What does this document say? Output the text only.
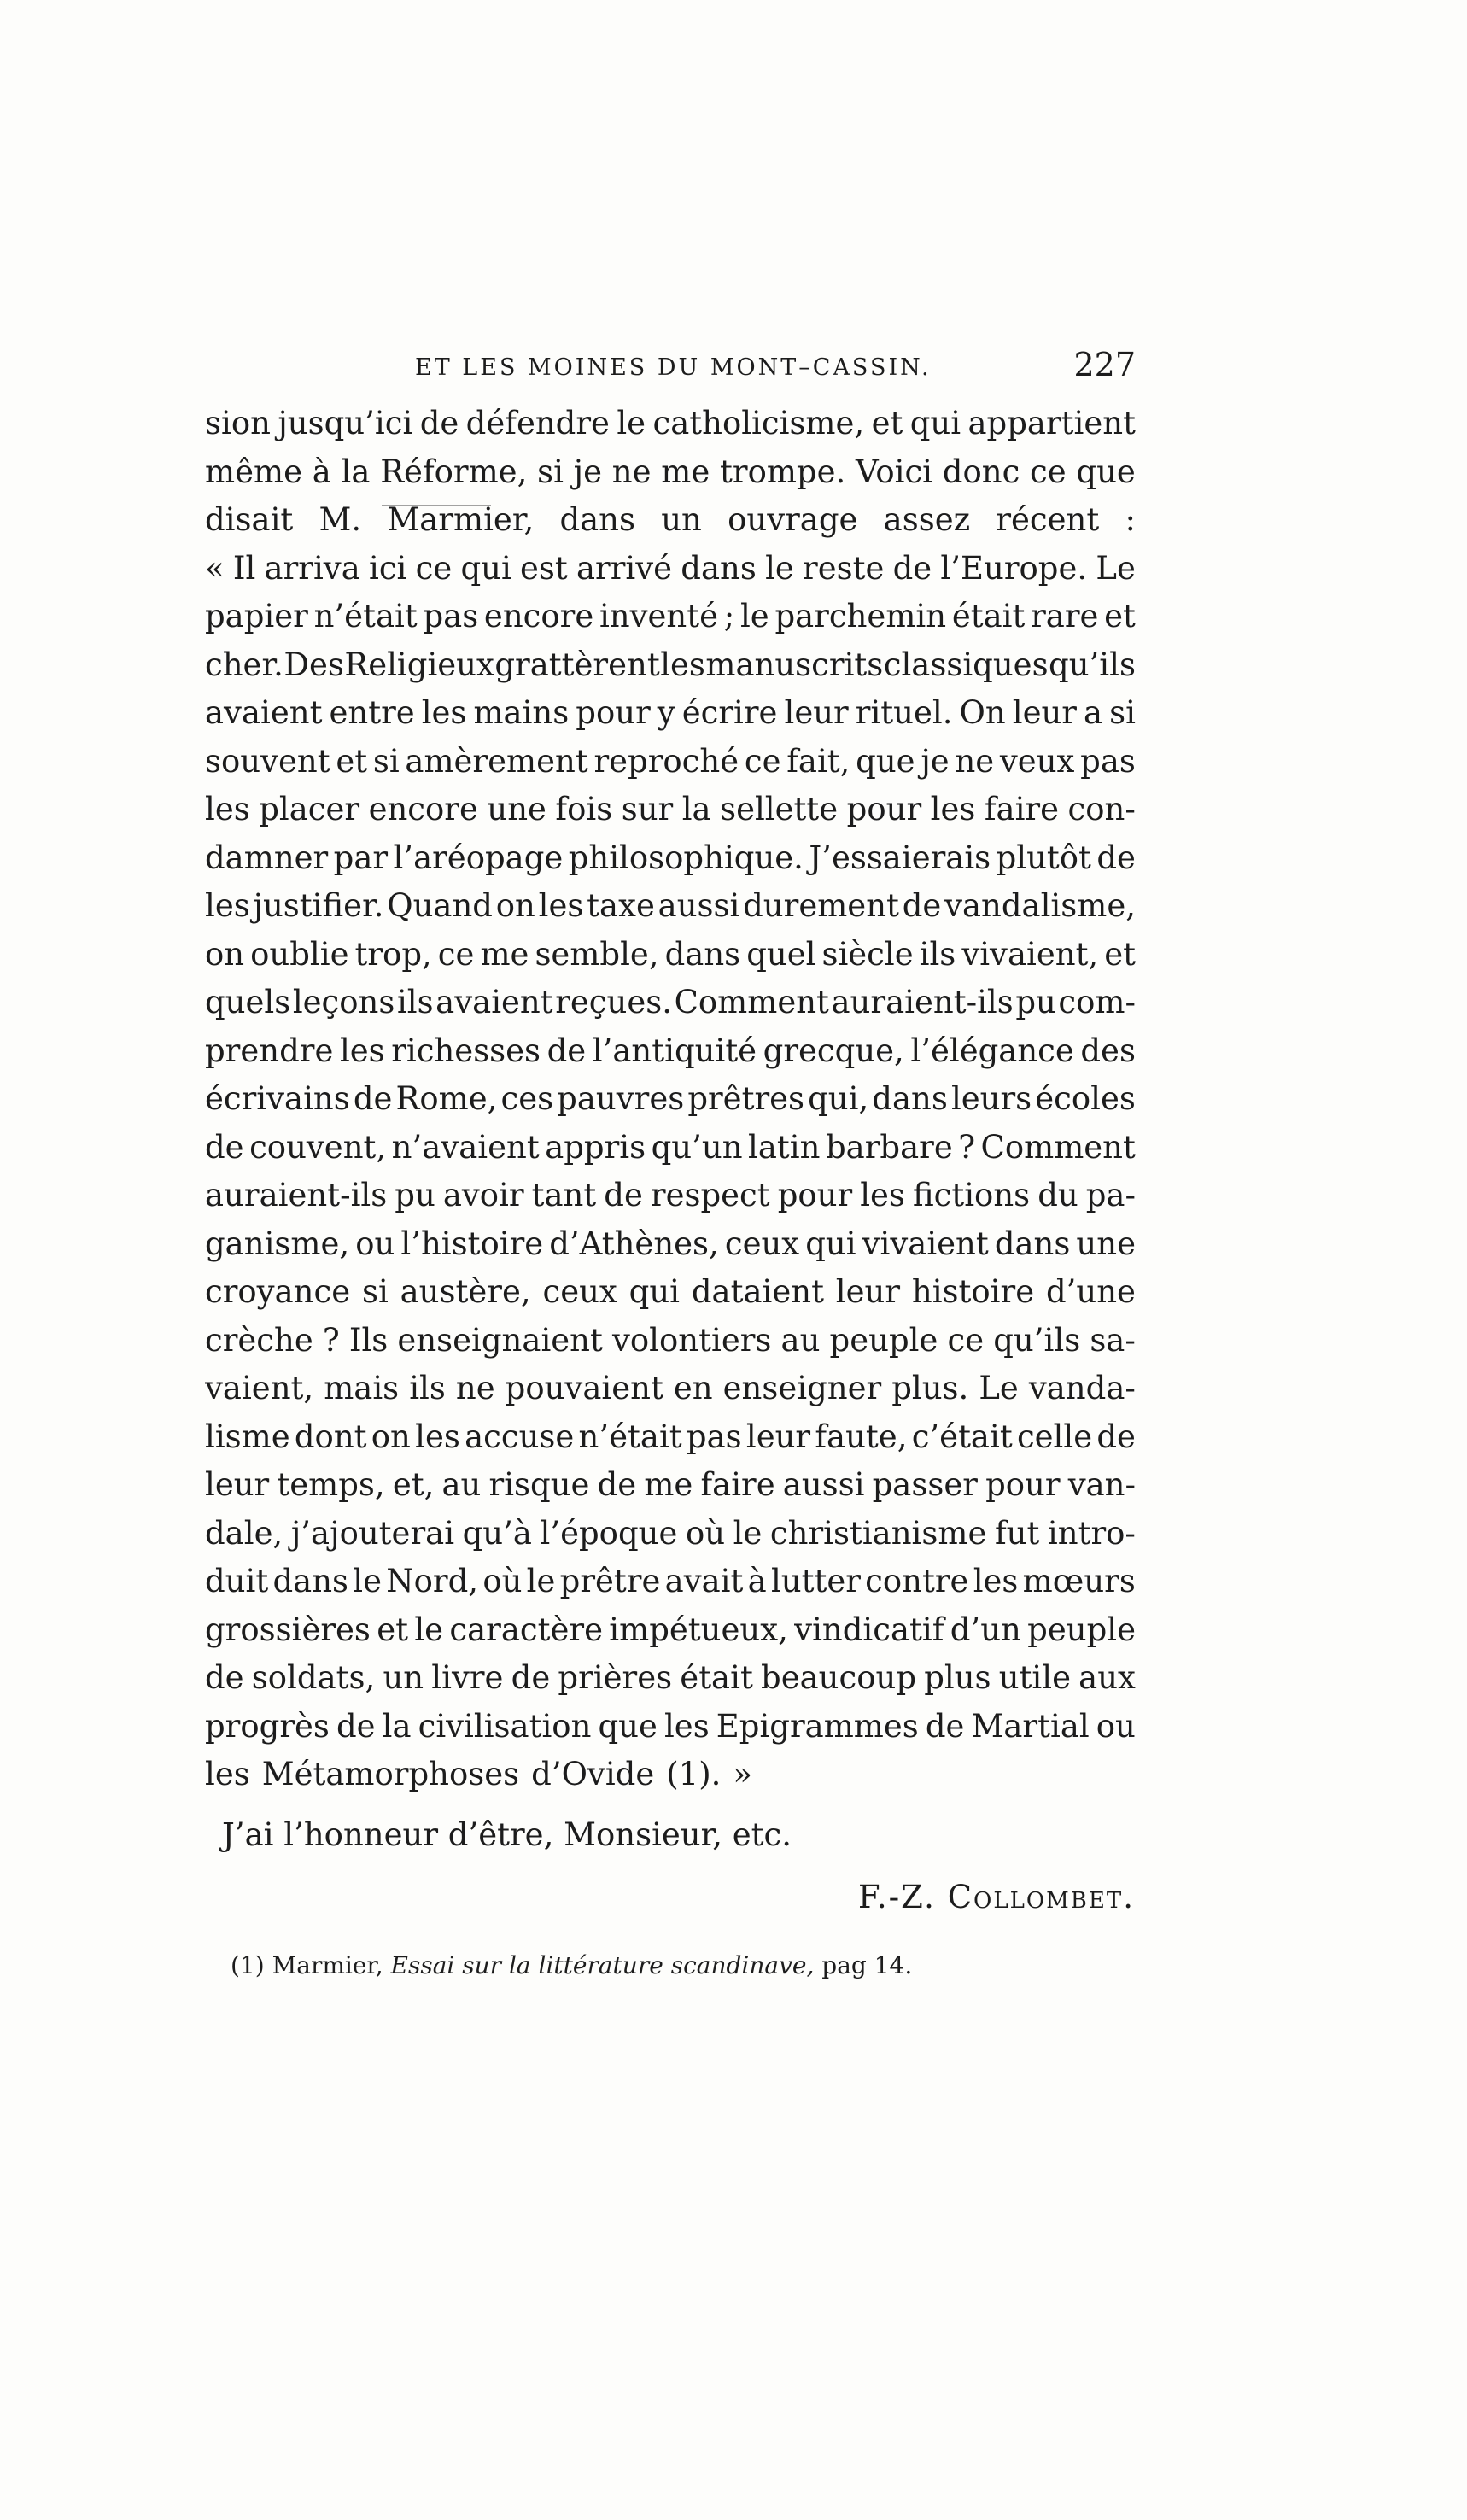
ET LES MOINES DU MONT–CASSIN.	227
sion jusqu’ici de défendre le catholicisme, et qui appartient
même à la Réforme, si je ne me trompe. Voici donc ce que
disait M. Marmier, dans un ouvrage assez récent :
« Il arriva ici ce qui est arrivé dans le reste de l’Europe. Le
papier n’était pas encore inventé ; le parchemin était rare et
cher. Des Religieux grattèrent les manuscrits classiques qu’ils
avaient entre les mains pour y écrire leur rituel. On leur a si
souvent et si amèrement reproché ce fait, que je ne veux pas
les placer encore une fois sur la sellette pour les faire con-
damner par l’aréopage philosophique. J’essaierais plutôt de
les justifier. Quand on les taxe aussi durement de vandalisme,
on oublie trop, ce me semble, dans quel siècle ils vivaient, et
quels leçons ils avaient reçues. Comment auraient-ils pu com-
prendre les richesses de l’antiquité grecque, l’élégance des
écrivains de Rome, ces pauvres prêtres qui, dans leurs écoles
de couvent, n’avaient appris qu’un latin barbare ? Comment
auraient-ils pu avoir tant de respect pour les fictions du pa-
ganisme, ou l’histoire d’Athènes, ceux qui vivaient dans une
croyance si austère, ceux qui dataient leur histoire d’une
crèche ? Ils enseignaient volontiers au peuple ce qu’ils sa-
vaient, mais ils ne pouvaient en enseigner plus. Le vanda-
lisme dont on les accuse n’était pas leur faute, c’était celle de
leur temps, et, au risque de me faire aussi passer pour van-
dale, j’ajouterai qu’à l’époque où le christianisme fut intro-
duit dans le Nord, où le prêtre avait à lutter contre les mœurs
grossières et le caractère impétueux, vindicatif d’un peuple
de soldats, un livre de prières était beaucoup plus utile aux
progrès de la civilisation que les Epigrammes de Martial ou
les Métamorphoses d’Ovide (1). »
J’ai l’honneur d’être, Monsieur, etc.
F.-Z. Collombet.
(1) Marmier, Essai sur la littérature scandinave, pag 14.
